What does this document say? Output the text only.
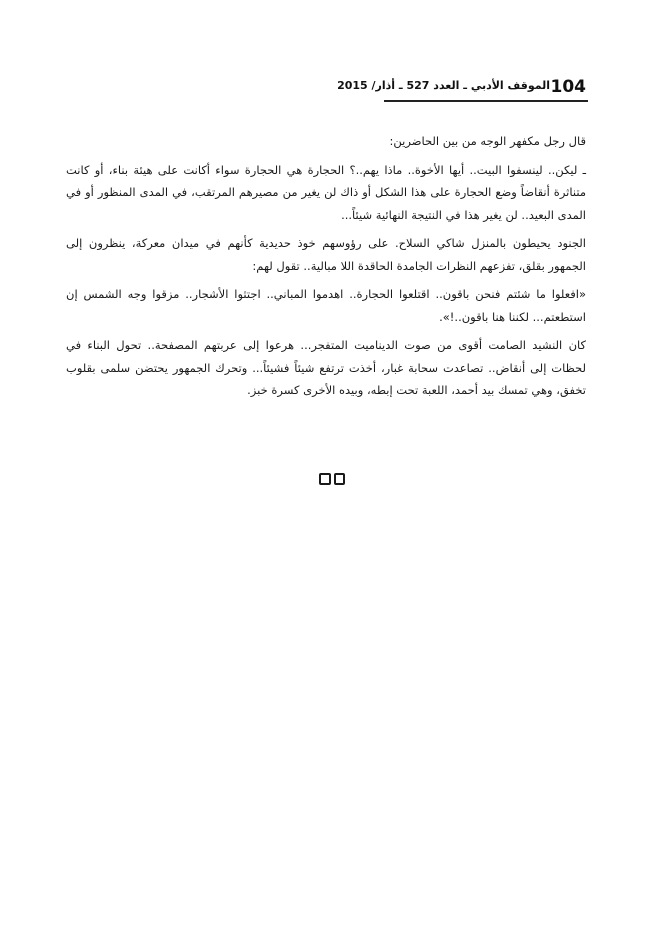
الموقف الأدبي ـ العدد 527 ـ أذار/ 2015 104

قال رجل مكفهر الوجه من بين الحاضرين:

ـ ليكن.. لينسفوا البيت.. أيها الأخوة.. ماذا يهم..؟ الحجارة هي الحجارة سواء أكانت على هيئة بناء، أو كانت متناثرة أنقاضاً وضع الحجارة على هذا الشكل أو ذاك لن يغير من مصيرهم المرتقب، في المدى المنظور أو في المدى البعيد.. لن يغير هذا في النتيجة النهائية شيئاً...

الجنود يحيطون بالمنزل شاكي السلاح. على رؤوسهم خوذ حديدية كأنهم في ميدان معركة، ينظرون إلى الجمهور بقلق، تفزعهم النظرات الجامدة الحاقدة اللا مبالية.. تقول لهم:

«افعلوا ما شئتم فنحن باقون.. اقتلعوا الحجارة.. اهدموا المباني.. اجتثوا الأشجار.. مزقوا وجه الشمس إن استطعتم... لكننا هنا باقون..!».

كان النشيد الصامت أقوى من صوت الديناميت المتفجر... هرعوا إلى عربتهم المصفحة.. تحول البناء في لحظات إلى أنقاض.. تصاعدت سحابة غبار، أخذت ترتفع شيئاً فشيئاً... وتحرك الجمهور يحتضن سلمى بقلوب تخفق، وهي تمسك بيد أحمد، اللعبة تحت إبطه، وبيده الأخرى كسرة خبز.
